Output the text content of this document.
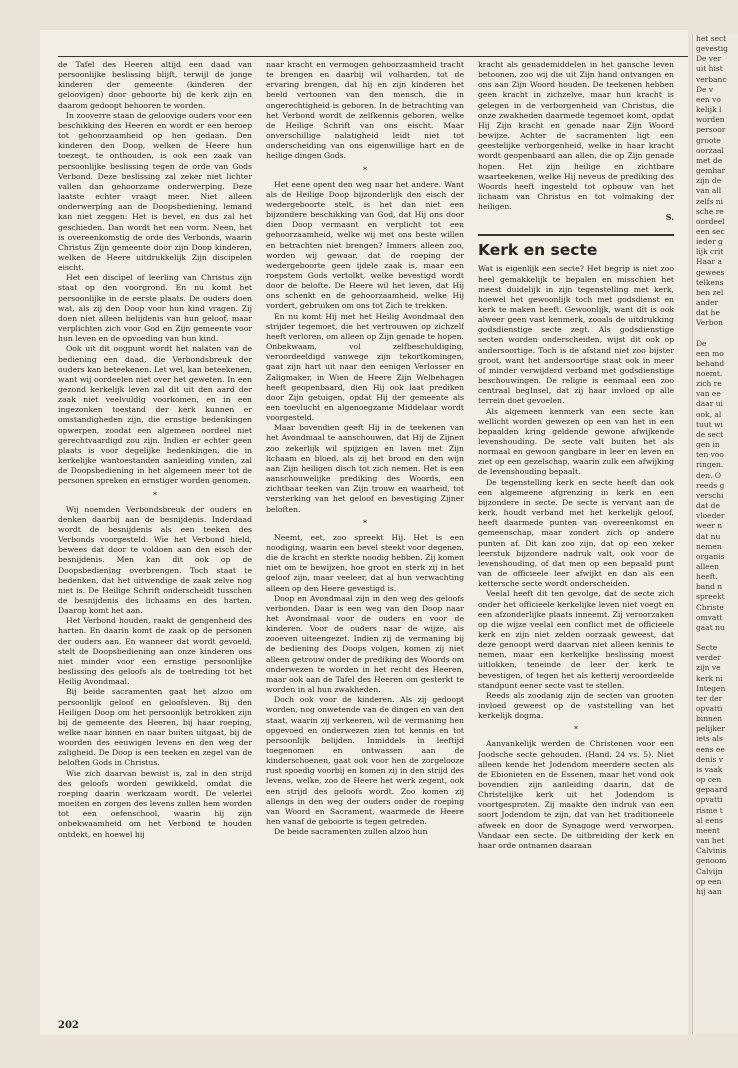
de Tafel des Heeren altijd een daad van persoonlijke beslissing blijft, terwijl de jonge kinderen der gemeente (kinderen der geloovigen) door geboorte bij de kerk zijn en daarom gedoopt behooren te worden.

In zooverre staan de geloovige ouders voor een beschikking des Heeren en wordt er een beroep tot gehoorzaamheid op hen gedaan. Den kinderen den Doop, welken de Heere hun toezegt, te onthouden, is ook een zaak van persoonlijke beslissing tegen de orde van Gods Verbond. Deze beslissing zal zeker niet lichter vallen dan gehoorzame onderwerping. Deze laatste echter vraagt meer. Niet alleen onderwerping aan de Doopsbediening, lemand kan niet zeggen: Het is bevel, en dus zal het geschieden. Dan wordt het een vorm. Neen, het is overeenkomstig de orde des Verbonds, waarin Christus Zijn gemeente door zijn Doop kinderen, welken de Heere uitdrukkelijk Zijn discipelen eischt.

Het een discipel of leerling van Christus zijn staat op den voorgrond. En nu komt het persoonlijke in de eerste plaats. De ouders doen wat, als zij den Doop voor hun kind vragen. Zij doen niet alleen belijdenis van hun geloof, maar verplichten zich voor God en Zijn gemeente voor hun leven en de opvoeding van hun kind.

Ook uit dit oogpunt wordt het nalaten van de bediening een daad, die Verbondsbreuk der ouders kan beteekenen. Let wel, kan beteekenen, want wij oordeelen niet over het geweten. In een gezond kerkelijk leven zal dit uit den aard der zaak niet veelvuldig voorkomen, en in een ingezonken toestand der kerk kunnen er omstandigheden zijn, die ernstige bedenkingen opwerpen, zoodat een algemeen oordeel niet gerechtvaardigd zou zijn. Indien er echter geen plaats is voor degelijke bedenkingen, die in kerkelijke wantoestanden aanleiding vinden, zal de Doopsbediening in het algemeen meer tot de personen spreken en ernstiger worden genomen.

*

Wij noemden Verbondsbreuk der ouders en denken daarbij aan de besnijdenis. Inderdaad wordt de besnijdenis als een teeken des Verbonds voorgesteld. Wie het Verbond hield, bewees dat door te voldoen aan den eisch der besnijdenis. Men kan dit ook op de Doopsbediening overbrengen. Toch staat te bedenken, dat het uitwendige de zaak zelve nog niet is. De Heilige Schrift onderscheidt tusschen de besnijdenis des lichaams en des harten. Daarop komt het aan.

Het Verbond houden, raakt de gengenheid des harten. En daarin komt de zaak op de personen der ouders aan. En wanneer dat wordt gevoeld, stelt de Doopsbediening aan onze kinderen ons niet minder voor een ernstige persoonlijke beslissing des geloofs als de toetreding tot het Heilig Avondmaal.

Bij beide sacramenten gaat het alzoo om persoonlijk geloof en geloofsleven. Bij den Heiligen Doop om het persoonlijk betrokken zijn bij de gemeente des Heeren, bij haar roeping, welke naar binnen en naar buiten uitgaat, bij de woorden des eeuwigen levens en den weg der zaligheid. De Doop is een teeken en zegel van de beloften Gods in Christus.

Wie zich daarvan bewust is, zal in den strijd des geloofs worden gewikkeld, omdat die roeping daarin werkzaam wordt. De velerlei moeiten en zorgen des levens zullen hem worden tot een oefenschool, waarin hij zijn onbekwaamheid om het Verbond te houden ontdekt, en hoewel hij

naar kracht en vermogen gehoorzaamheid tracht te brengen en daarbij wil volharden, tot de ervaring brengen, dat hij en zijn kinderen het beeld vertoonen van den mensch, die in ongerechtigheid is geboren. In de betrachting van het Verbond wordt de zelfkennis geboren, welke de Heilige Schrift van ons eischt. Maar onverschillige nalatigheid leidt niet tot onderscheiding van ons eigenwillige hart en de heilige dingen Gods.

*

Het eene opent den weg naar het andere. Want als de Heilige Doop bijzonderlijk den eisch der wedergeboorte stelt, is het dan niet een bijzondere beschikking van God, dat Hij ons door dien Doop vermaant en verplicht tot een gehoorzaamheid, welke wij met ons beste willen en betrachten niet brengen? Immers alleen zoo, worden wij gewaar, dat de roeping der wedergeboorte geen ijdele zaak is, maar een roepstem Gods vertolkt, welke bevestigd wordt door de belofte. De Heere wil het leven, dat Hij ons schenkt en de gehoorzaamheid, welke Hij vordert, gebruiken om ons tot Zich te trekken.

En nu komt Hij met het Heilig Avondmaal den strijder tegemoet, die het vertrouwen op zichzelf heeft verloren, om alleen op Zijn genade te hopen. Onbekwaam, vol zelfbeschuldiging, veroordeeldigd vanwege zijn tekortkomingen, gaat zijn hart uit naar den eenigen Verlosser en Zaligmaker, in Wien de Heere Zijn Welbehagen heeft geopenbaard, dien Hij ook laat prediken door Zijn getuigen, opdat Hij der gemeente als een toevlucht en algenoegzame Middelaar wordt voorgesteld.

Maar bovendien geeft Hij in de teekenen van het Avondmaal te aanschouwen, dat Hij de Zijnen zoo zekerlijk wil spijzigen en laven met Zijn lichaam en bloed, als zij het brood en den wijn aan Zijn heiligen disch tot zich nemen. Het is een aanschouwelijke prediking des Woords, een zichtbaar teeken van Zijn trouw en waarheid, tot versterking van het geloof en bevestiging Zijner beloften.

*

Neemt, eet, zoo spreekt Hij. Het is een noodiging, waarin een bevel steekt voor degenen, die de kracht en sterkte noodig hebben. Zij komen niet om te bewijzen, hoe groot en sterk zij in het geloof zijn, maar veeleer, dat al hun verwachting alleen op den Heere gevestigd is.

Doop en Avondmaal zijn in den weg des geloofs verbonden. Daar is een weg van den Doop naar het Avondmaal voor de ouders en voor de kinderen. Voor de ouders naar de wijze, als zooeven uiteengezet. Indien zij de vermaning bij de bediening des Doops volgen, komen zij niet alleen getrouw onder de prediking des Woords om onderwezen te worden in het recht des Heeren, maar ook aan de Tafel des Heeren om gesterkt te worden in al hun zwakheden.

Doch ook voor de kinderen. Als zij gedoopt worden, nog onwetende van de dingen en van den staat, waarin zij verkeeren, wil de vermaning hen opgevoed en onderwezen zien tot kennis en tot persoonlijk belijden. Inmiddels in leeftijd toegenomen en ontwassen aan de kinderschoenen, gaat ook voor hen de zorgelooze rust spoedig voorbij en komen zij in den strijd des levens, welke, zoo de Heere het werk zegent, ook een strijd des geloofs wordt. Zoo komen zij allengs in den weg der ouders onder de roeping van Woord en Sacrament, waarmede de Heere hen vanaf de geboorte is tegen getreden.

De beide sacramenten zullen alzoo hun

kracht als genademiddelen in het gansche leven betoonen, zoo wij die uit Zijn hand ontvangen en ons aan Zijn Woord houden. De teekenen hebben geen kracht in zichzelve, maar hun kracht is gelegen in de verborgenheid van Christus, die onze zwakheden daarmede tegemoet komt, opdat Hij Zijn kracht en genade naar Zijn Woord bewijze. Achter de sacramenten ligt een geestelijke verborgenheid, welke in haar kracht wordt geopenbaard aan allen, die op Zijn genade hopen. Het zijn heilige en zichtbare waarteekenen, welke Hij neveus de prediking des Woords heeft ingesteld tot opbouw van het lichaam van Christus en tot volmaking der heiligen.

S.
Kerk en secte

Wat is eigenlijk een secte? Het begrip is niet zoo heel gemakkelijk te bepalen en misschien het meest duidelijk in zijn tegenstelling met kerk, hoewel het gewoonlijk toch met godsdienst en kerk te maken heeft. Gewoonlijk, want dit is ook alweer geen vast kenmerk, zooals de uitdrukking godsdienstige secte zegt. Als godsdienstige secten worden onderscheiden, wijst dit ook op andersoortige. Toch is de afstand niet zoo bijster groot, want het andersoortige staat ook in meer of minder verwijderd verband met godsdienstige beschouwingen. De religie is eenmaal een zoo centraal begInsel, dat zij haar invloed op alle terrein doet gevoelen.

Als algemeen kenmerk van een secte kan wellicht worden gewezen op een van het in een bepaalden kring geldende gewone afwijkende levenshouding. De secte valt buiten het als normaal en gewoon gangbare in leer en leven en ziet op een gezelschap, waarin zulk een afwijking de levenshouding bepaalt.

De tegenstelling kerk en secte heeft dan ook een algemeene afgrenzing in kerk en een bijzondere in secte. De secte is vervant aan de kerk, houdt verband met het kerkelijk geloof, heeft daarmede punten van overeenkomst en gemeenschap, maar zondert zich op andere punten af. Dit kan zoo zijn, dat op een zeker leerstuk bijzondere nadruk valt, ook voor de levenshouding, of dat men op een bepaald punt van de officieele leer afwijkt en dan als een kettersche secte wordt onderscheiden.

Veelal heeft dit ten gevolge, dat de secte zich onder het officieele kerkelijke leven niet voegt en een afzonderlijke plaats inneemt. Zij veroorzaken op die wijze veelal een conflict met de officieele kerk en zijn niet zelden oorzaak geweest, dat deze genoopt werd daarvan niet alleen kennis te nemen, maar een kerkelijke beslissing moest uitlokken, teneinde de leer der kerk te bevestigen, of tegen het als ketterij veroordeelde standpunt eener secte vast te stellen.

Reeds als zoodanig zijn de secten van grooten invloed geweest op de vaststelling van het kerkelijk dogma.

*

Aanvankelijk werden de Christenen voor een Joodsche secte gehouden. (Hand. 24 vs. 5). Niet alleen kende het Jodendom meerdere secten als de Ebionieten en de Essenen, maar het vond ook bovendien zijn aanleiding daarin, dat de Christelijke kerk uit het Jodendom is voortgesproten. Zij maakte den indruk van een soort Jodendom te zijn, dat van het traditioneele afweek en door de Synagoge werd verworpen. Vandaar een secte. De uitbreiding der kerk en haar orde ontnamen daaraan

202
het sect
gevestig
De ver
uit hist
verbanc
De v
een vo
kelijk l
worden
persoor
groote
oorzaal
met de
gemhar
zijn de
van all
zelfs ni
sche re
oordeel
een sec
ieder g
lijk crit
Haar a
gewees
telkens
ben zel
ander
dat he
Verbon
De
een mo
behand
noemt.
zich re
van ee
daar ui
ook, al
tuut wi
de sect
gen in
ten voo
ringen.
den. O
reeds g
verschi
dat de
vloeder
weer n
dat nu
nemen
organis
alleen
heeft.
band n
spreekt
Christe
omvatt
gaat nu
Secte
verder
zijn ve
kerk ni
Integen
ter der
opvatti
binnen
pelijker
iets als
eens ee
denis v
is vaak
op cen
gepaard
opvatti
risme t
al eens
meent
van het
Calvinis
genoom
Calvijn
op een
hij aan
